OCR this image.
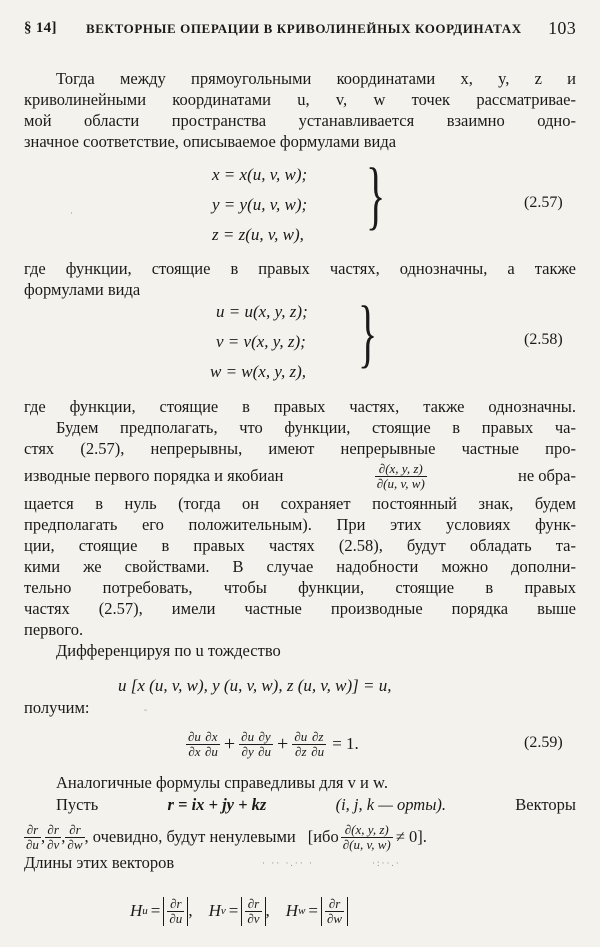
§ 14] ВЕКТОРНЫЕ ОПЕРАЦИИ В КРИВОЛИНЕЙНЫХ КООРДИНАТАХ 103
Тогда между прямоугольными координатами x, y, z и
криволинейными координатами u, v, w точек рассматривае-
мой области пространства устанавливается взаимно одно-
значное соответствие, описываемое формулами вида
x = x(u, v, w);
y = y(u, v, w);
z = z(u, v, w), }	(2.57)
·
где функции, стоящие в правых частях, однозначны, а также
формулами вида
u = u(x, y, z);
v = v(x, y, z);
w = w(x, y, z), }	(2.58)
где функции, стоящие в правых частях, также однозначны.
Будем предполагать, что функции, стоящие в правых ча-
стях (2.57), непрерывны, имеют непрерывные частные про-
изводные первого порядка и якобиан	$\frac{\partial(x, y, z)}{\partial(u, v, w)}$	не обра-
щается в нуль (тогда он сохраняет постоянный знак, будем
предполагать его положительным). При этих условиях функ-
ции, стоящие в правых частях (2.58), будут обладать та-
кими же свойствами. В случае надобности можно дополни-
тельно потребовать, чтобы функции, стоящие в правых
частях (2.57), имели частные производные порядка выше
первого.
Дифференцируя по u тождество
u [x (u, v, w), y (u, v, w), z (u, v, w)] = u,
получим:	˘
$\frac{\partial u}{\partial x} \frac{\partial x}{\partial u} + \frac{\partial u}{\partial y} \frac{\partial y}{\partial u} + \frac{\partial u}{\partial z} \frac{\partial z}{\partial u} = 1$.	(2.59)
Аналогичные формулы справедливы для v и w.
Пусть	r = ix + jy + kz	(i, j, k — орты).	Векторы
$\frac{\partial r}{\partial u}$ , $\frac{\partial r}{\partial v}$ , $\frac{\partial r}{\partial w}$ , очевидно, будут ненулевыми $[ибо \frac{\partial(x, y, z)}{\partial(u, v, w)} \ne 0]$.
Длины этих векторов	· ·· ·.·· ·	·:··.·
H $u = \frac{\partial r}{\partial u}$ , H $v = \frac{\partial r}{\partial v}$ , H $w = \frac{\partial r}{\partial w}$
